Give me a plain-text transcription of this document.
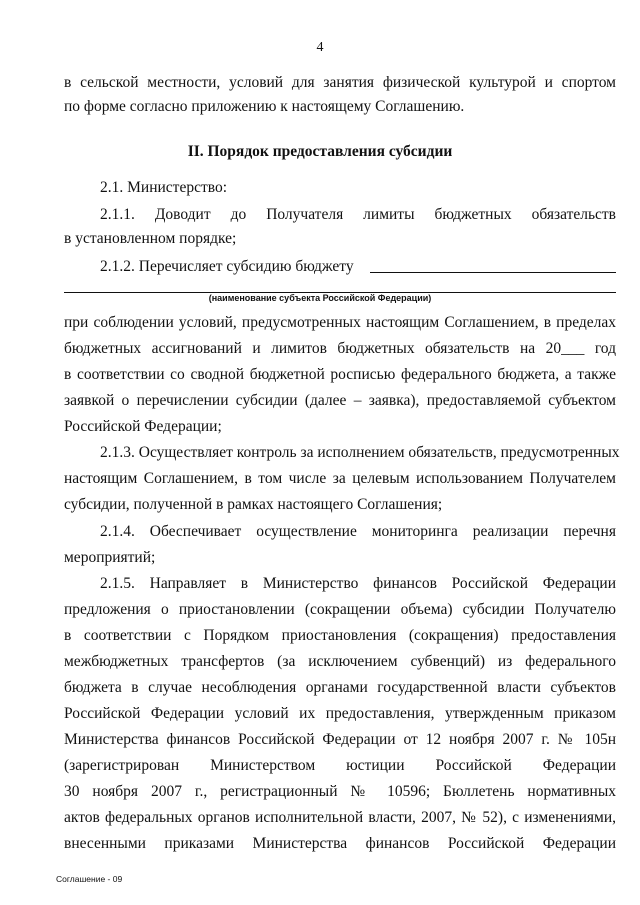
4
в сельской местности, условий для занятия физической культурой и спортом
по форме согласно приложению к настоящему Соглашению.
II. Порядок предоставления субсидии
2.1. Министерство:
2.1.1. Доводит до Получателя лимиты бюджетных обязательств
в установленном порядке;
2.1.2. Перечисляет субсидию бюджету
(наименование субъекта Российской Федерации)
при соблюдении условий, предусмотренных настоящим Соглашением, в пределах
бюджетных ассигнований и лимитов бюджетных обязательств на 20___ год
в соответствии со сводной бюджетной росписью федерального бюджета, а также
заявкой о перечислении субсидии (далее – заявка), предоставляемой субъектом
Российской Федерации;
2.1.3. Осуществляет контроль за исполнением обязательств, предусмотренных
настоящим Соглашением, в том числе за целевым использованием Получателем
субсидии, полученной в рамках настоящего Соглашения;
2.1.4. Обеспечивает осуществление мониторинга реализации перечня
мероприятий;
2.1.5. Направляет в Министерство финансов Российской Федерации
предложения о приостановлении (сокращении объема) субсидии Получателю
в соответствии с Порядком приостановления (сокращения) предоставления
межбюджетных трансфертов (за исключением субвенций) из федерального
бюджета в случае несоблюдения органами государственной власти субъектов
Российской Федерации условий их предоставления, утвержденным приказом
Министерства финансов Российской Федерации от 12 ноября 2007 г. № 105н
(зарегистрирован Министерством юстиции Российской Федерации
30 ноября 2007 г., регистрационный № 10596; Бюллетень нормативных
актов федеральных органов исполнительной власти, 2007, № 52), с изменениями,
внесенными приказами Министерства финансов Российской Федерации
Соглашение - 09
